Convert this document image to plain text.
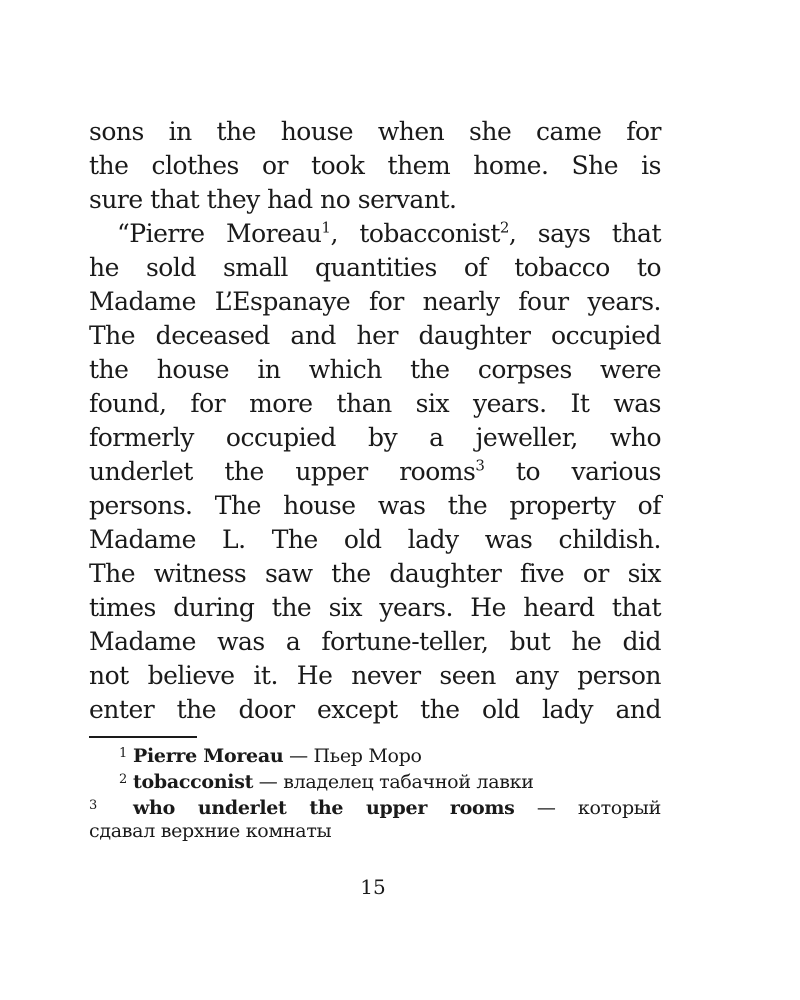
sons in the house when she came for
the clothes or took them home. She is
sure that they had no servant.
“Pierre Moreau$^1$, tobacconist$^2$, says that
he sold small quantities of tobacco to
Madame L’Espanaye for nearly four years.
The deceased and her daughter occupied
the house in which the corpses were
found, for more than six years. It was
formerly occupied by a jeweller, who
underlet the upper rooms$^3$ to various
persons. The house was the property of
Madame L. The old lady was childish.
The witness saw the daughter five or six
times during the six years. He heard that
Madame was a fortune-teller, but he did
not believe it. He never seen any person
enter the door except the old lady and
1 Pierre Moreau — Пьер Моро
2 tobacconist — владелец табачной лавки
3 who underlet the upper rooms — который
сдавал верхние комнаты
15
